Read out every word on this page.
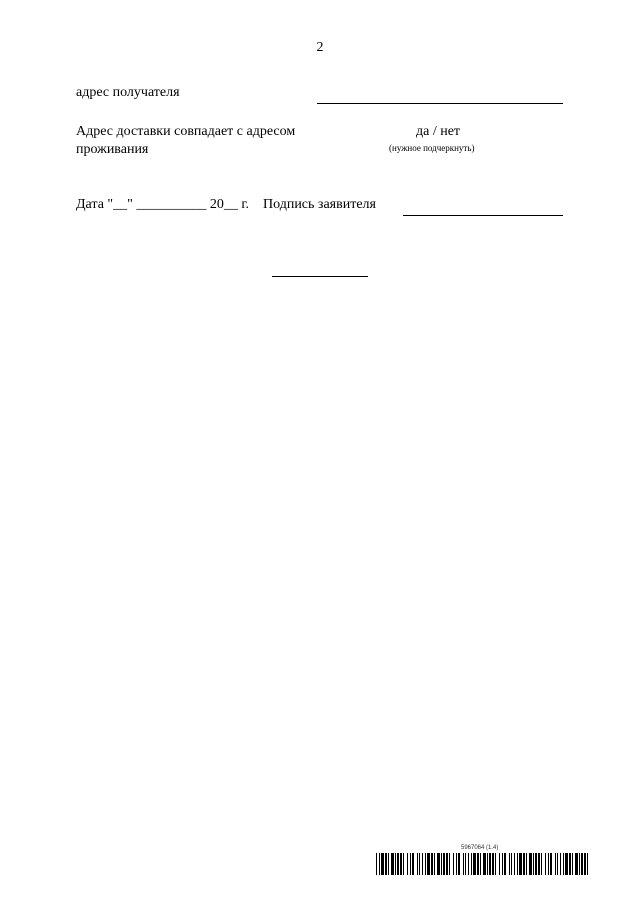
2
адрес получателя
Адрес доставки совпадает с адресом
проживания
да / нет
(нужное подчеркнуть)
Дата "__" __________ 20__ г.    Подпись заявителя
5967064 (1.4)
